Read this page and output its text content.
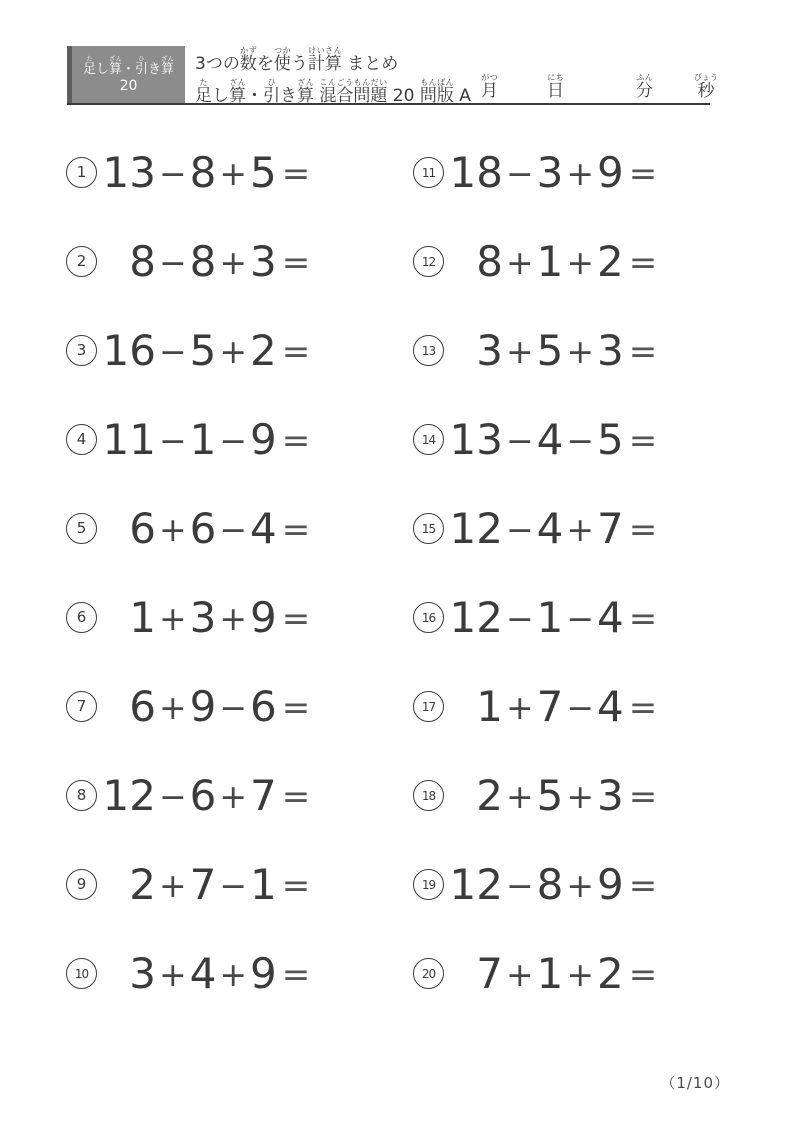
足たし算ざん・引ひき算ざん
20
3つの数かずを使つかう計算けいさん まとめ
足たし算ざん・引ひき算ざん 混合問題こんごうもんだい 20 問版もんばん A 月がつ
日にち
分ふん
秒びょう
1 13 − 8 + 5 =
2	8 − 8 + 3 =
3 16 − 5 + 2 =
4 11 − 1 − 9 =
5	6 + 6 − 4 =
6	1 + 3 + 9 =
7	6 + 9 − 6 =
8 12 − 6 + 7 =
9	2 + 7 − 1 =
10 3 + 4 + 9 =
11 18 − 3 + 9 =
12 8 + 1 + 2 =
13 3 + 5 + 3 =
14 13 − 4 − 5 =
15 12 − 4 + 7 =
16 12 − 1 − 4 =
17 1 + 7 − 4 =
18 2 + 5 + 3 =
19 12 − 8 + 9 =
20 7 + 1 + 2 =
（1/10）
